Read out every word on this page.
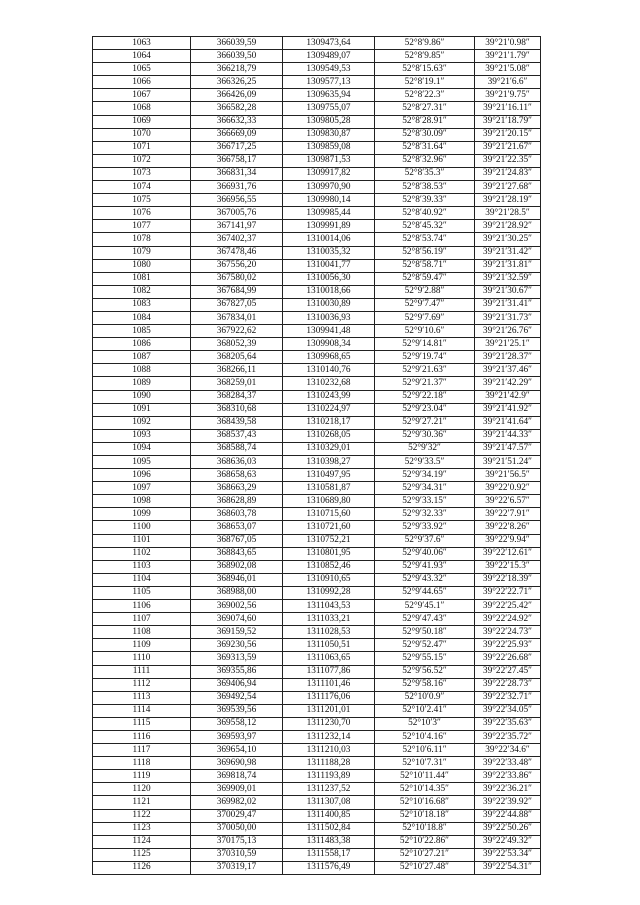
1063	366039,59	1309473,64	52°8′9.86″	39°21′0.98″
1064	366039,50	1309489,07	52°8′9.85″	39°21′1.79″
1065	366218,79	1309549,53	52°8′15.63″	39°21′5.08″
1066	366326,25	1309577,13	52°8′19.1″	39°21′6.6″
1067	366426,09	1309635,94	52°8′22.3″	39°21′9.75″
1068	366582,28	1309755,07	52°8′27.31″	39°21′16.11″
1069	366632,33	1309805,28	52°8′28.91″	39°21′18.79″
1070	366669,09	1309830,87	52°8′30.09″	39°21′20.15″
1071	366717,25	1309859,08	52°8′31.64″	39°21′21.67″
1072	366758,17	1309871,53	52°8′32.96″	39°21′22.35″
1073	366831,34	1309917,82	52°8′35.3″	39°21′24.83″
1074	366931,76	1309970,90	52°8′38.53″	39°21′27.68″
1075	366956,55	1309980,14	52°8′39.33″	39°21′28.19″
1076	367005,76	1309985,44	52°8′40.92″	39°21′28.5″
1077	367141,97	1309991,89	52°8′45.32″	39°21′28.92″
1078	367402,37	1310014,06	52°8′53.74″	39°21′30.25″
1079	367478,46	1310035,32	52°8′56.19″	39°21′31.42″
1080	367556,20	1310041,77	52°8′58.71″	39°21′31.81″
1081	367580,02	1310056,30	52°8′59.47″	39°21′32.59″
1082	367684,99	1310018,66	52°9′2.88″	39°21′30.67″
1083	367827,05	1310030,89	52°9′7.47″	39°21′31.41″
1084	367834,01	1310036,93	52°9′7.69″	39°21′31.73″
1085	367922,62	1309941,48	52°9′10.6″	39°21′26.76″
1086	368052,39	1309908,34	52°9′14.81″	39°21′25.1″
1087	368205,64	1309968,65	52°9′19.74″	39°21′28.37″
1088	368266,11	1310140,76	52°9′21.63″	39°21′37.46″
1089	368259,01	1310232,68	52°9′21.37″	39°21′42.29″
1090	368284,37	1310243,99	52°9′22.18″	39°21′42.9″
1091	368310,68	1310224,97	52°9′23.04″	39°21′41.92″
1092	368439,58	1310218,17	52°9′27.21″	39°21′41.64″
1093	368537,43	1310268,05	52°9′30.36″	39°21′44.33″
1094	368588,74	1310329,01	52°9′32″	39°21′47.57″
1095	368636,03	1310398,27	52°9′33.5″	39°21′51.24″
1096	368658,63	1310497,95	52°9′34.19″	39°21′56.5″
1097	368663,29	1310581,87	52°9′34.31″	39°22′0.92″
1098	368628,89	1310689,80	52°9′33.15″	39°22′6.57″
1099	368603,78	1310715,60	52°9′32.33″	39°22′7.91″
1100	368653,07	1310721,60	52°9′33.92″	39°22′8.26″
1101	368767,05	1310752,21	52°9′37.6″	39°22′9.94″
1102	368843,65	1310801,95	52°9′40.06″	39°22′12.61″
1103	368902,08	1310852,46	52°9′41.93″	39°22′15.3″
1104	368946,01	1310910,65	52°9′43.32″	39°22′18.39″
1105	368988,00	1310992,28	52°9′44.65″	39°22′22.71″
1106	369002,56	1311043,53	52°9′45.1″	39°22′25.42″
1107	369074,60	1311033,21	52°9′47.43″	39°22′24.92″
1108	369159,52	1311028,53	52°9′50.18″	39°22′24.73″
1109	369230,56	1311050,51	52°9′52.47″	39°22′25.93″
1110	369313,59	1311063,65	52°9′55.15″	39°22′26.68″
1111	369355,86	1311077,86	52°9′56.52″	39°22′27.45″
1112	369406,94	1311101,46	52°9′58.16″	39°22′28.73″
1113	369492,54	1311176,06	52°10′0.9″	39°22′32.71″
1114	369539,56	1311201,01	52°10′2.41″	39°22′34.05″
1115	369558,12	1311230,70	52°10′3″	39°22′35.63″
1116	369593,97	1311232,14	52°10′4.16″	39°22′35.72″
1117	369654,10	1311210,03	52°10′6.11″	39°22′34.6″
1118	369690,98	1311188,28	52°10′7.31″	39°22′33.48″
1119	369818,74	1311193,89	52°10′11.44″	39°22′33.86″
1120	369909,01	1311237,52	52°10′14.35″	39°22′36.21″
1121	369982,02	1311307,08	52°10′16.68″	39°22′39.92″
1122	370029,47	1311400,85	52°10′18.18″	39°22′44.88″
1123	370050,00	1311502,84	52°10′18.8″	39°22′50.26″
1124	370175,13	1311483,38	52°10′22.86″	39°22′49.32″
1125	370310,59	1311558,17	52°10′27.21″	39°22′53.34″
1126	370319,17	1311576,49	52°10′27.48″	39°22′54.31″
